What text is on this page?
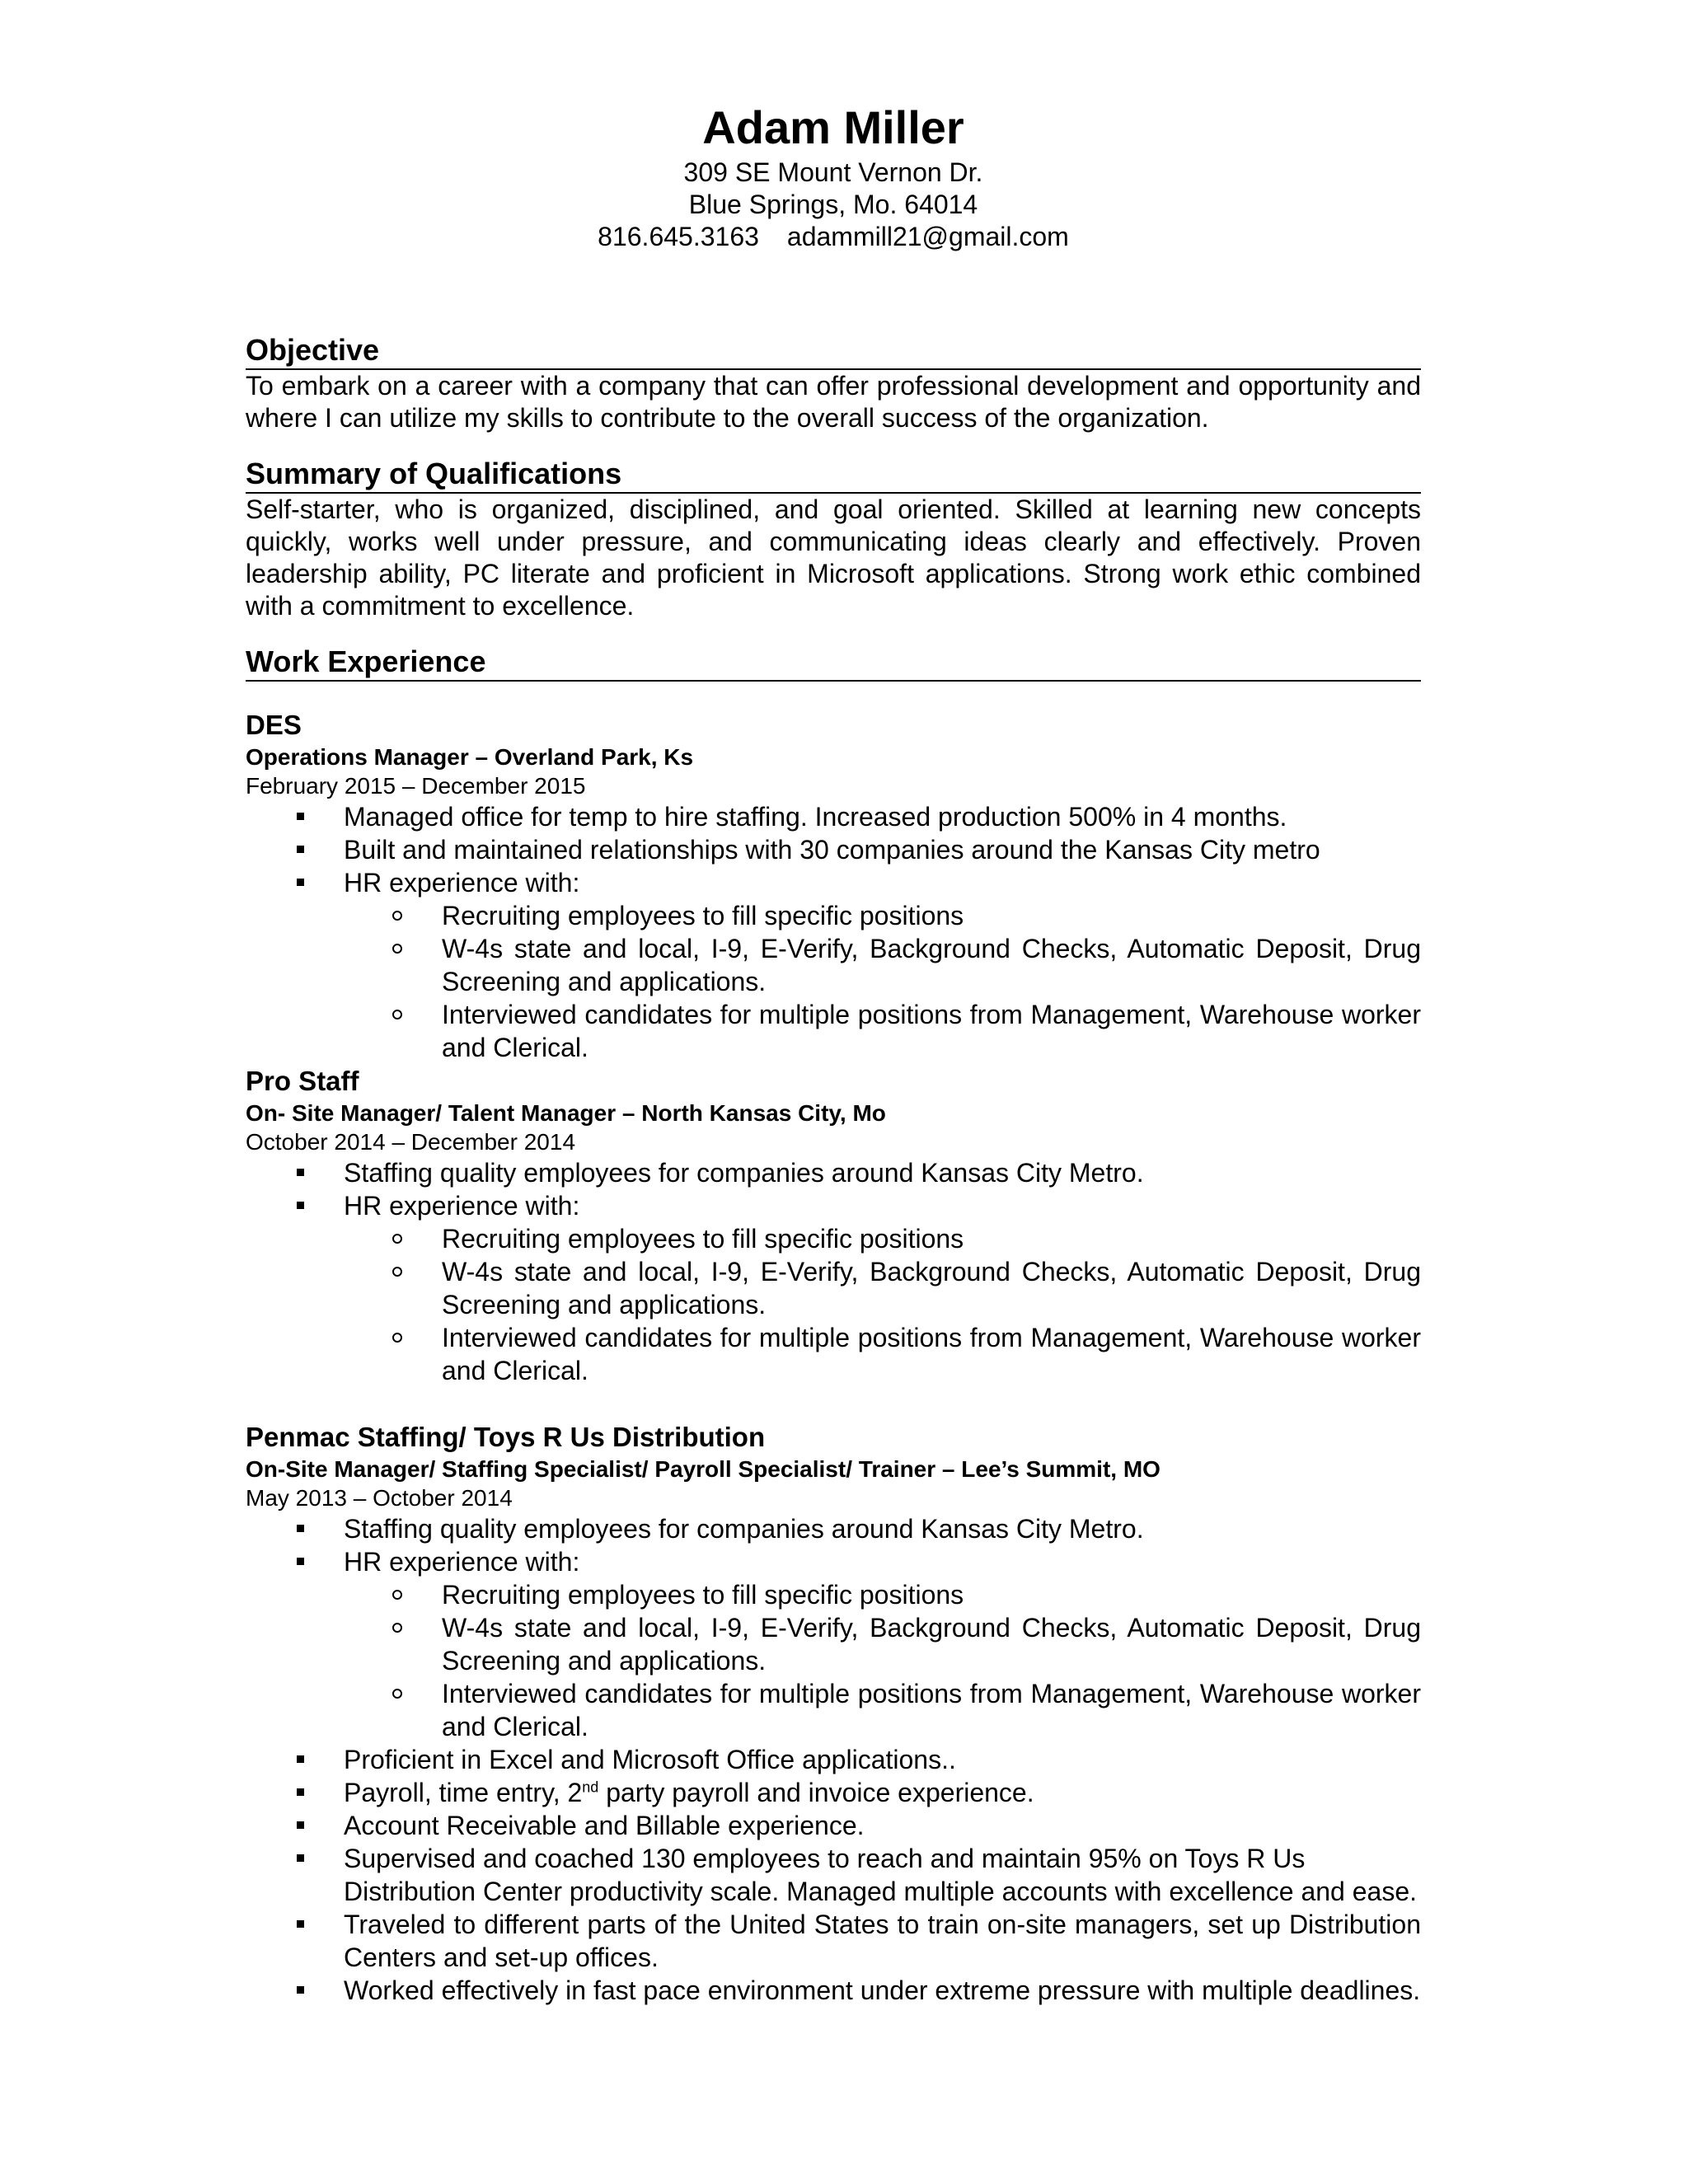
Adam Miller

309 SE Mount Vernon Dr.

Blue Springs, Mo. 64014

816.645.3163 adammill21@gmail.com

Objective

To embark on a career with a company that can offer professional development and opportunity and where I can utilize my skills to contribute to the overall success of the organization.

Summary of Qualifications

Self-starter, who is organized, disciplined, and goal oriented. Skilled at learning new concepts quickly, works well under pressure, and communicating ideas clearly and effectively. Proven leadership ability, PC literate and proficient in Microsoft applications. Strong work ethic combined with a commitment to excellence.

Work Experience

DES

Operations Manager – Overland Park, Ks

February 2015 – December 2015

Managed office for temp to hire staffing. Increased production 500% in 4 months.
Built and maintained relationships with 30 companies around the Kansas City metro
HR experience with:
Recruiting employees to fill specific positions
W-4s state and local, I-9, E-Verify, Background Checks, Automatic Deposit, Drug Screening and applications.
Interviewed candidates for multiple positions from Management, Warehouse worker and Clerical.

Pro Staff

On- Site Manager/ Talent Manager – North Kansas City, Mo

October 2014 – December 2014

Staffing quality employees for companies around Kansas City Metro.
HR experience with:
Recruiting employees to fill specific positions
W-4s state and local, I-9, E-Verify, Background Checks, Automatic Deposit, Drug Screening and applications.
Interviewed candidates for multiple positions from Management, Warehouse worker and Clerical.

Penmac Staffing/ Toys R Us Distribution

On-Site Manager/ Staffing Specialist/ Payroll Specialist/ Trainer – Lee’s Summit, MO

May 2013 – October 2014

Staffing quality employees for companies around Kansas City Metro.
HR experience with:
Recruiting employees to fill specific positions
W-4s state and local, I-9, E-Verify, Background Checks, Automatic Deposit, Drug Screening and applications.
Interviewed candidates for multiple positions from Management, Warehouse worker and Clerical.
Proficient in Excel and Microsoft Office applications..
Payroll, time entry, 2nd party payroll and invoice experience.
Account Receivable and Billable experience.
Supervised and coached 130 employees to reach and maintain 95% on Toys R Us
Distribution Center productivity scale. Managed multiple accounts with excellence and ease.
Traveled to different parts of the United States to train on-site managers, set up Distribution Centers and set-up offices.
Worked effectively in fast pace environment under extreme pressure with multiple deadlines.
